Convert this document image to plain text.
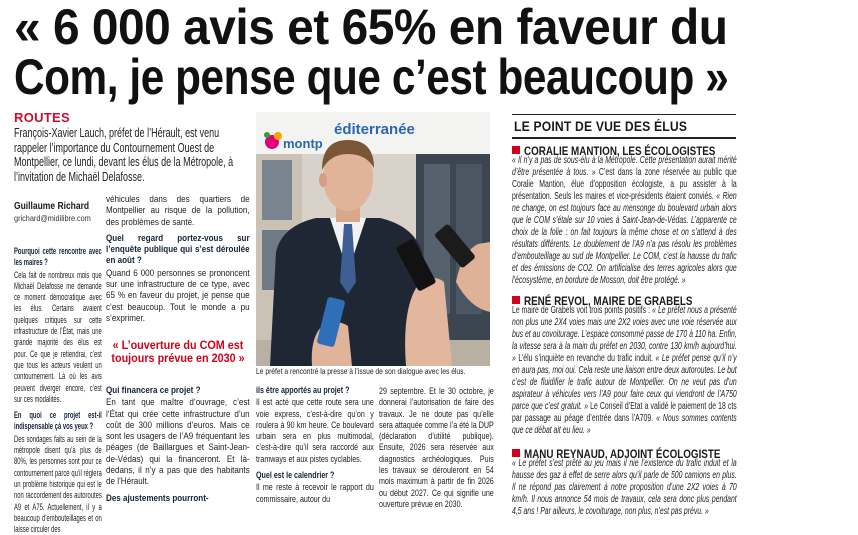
« 6 000 avis et 65% en faveur du
Com, je pense que c’est beaucoup »
ROUTES

François-Xavier Lauch, préfet de l’Hérault, est venu rappeler l’importance du Contournement Ouest de Montpellier, ce lundi, devant les élus de la Métropole, à l’invitation de Michaël Delafosse.

Guillaume Richard
grichard@midilibre.com

Pourquoi cette rencontre avec les maires ?

Cela fait de nombreux mois que Michaël Delafosse me demande ce moment démocratique avec les élus. Certains avaient quelques critiques sur cette infrastructure de l’État, mais une grande majorité des élus est pour. Ce que je retiendrai, c’est que tous les acteurs veulent un contournement. Là où les avis peuvent diverger encore, c’est sur ces modalités.

En quoi ce projet est-il indispensable çà vos yeux ?

Des sondages faits au sein de la métropole disent qu’à plus de 80%, les personnes sont pour ce contournement parce qu’il réglera un problème historique qui est le non raccordement des autoroutes A9 et A75. Actuellement, il y a beaucoup d’embouteillages et on laisse circuler des

véhicules dans des quartiers de Montpellier au risque de la pollution, des problèmes de santé.

Quel regard portez-vous sur l’enquête publique qui s’est déroulée en août ?

Quand 6 000 personnes se prononcent sur une infrastructure de ce type, avec 65 % en faveur du projet, je pense que c’est beaucoup. Tout le monde a pu s’exprimer.

« L’ouverture du COM est toujours prévue en 2030 »

Qui financera ce projet ?

En tant que maître d’ouvrage, c’est l’État qui crée cette infrastructure d’un coût de 300 millions d’euros. Mais ce sont les usagers de l’A9 fréquentant les péages (de Baillargues et Saint-Jean-de-Védas) qui la financeront. Et là-dedans, il n’y a pas que des habitants de l’Hérault.

Des ajustements pourront-

ils être apportés au projet ?

Il est acté que cette route sera une voie express, c’est-à-dire qu’on y roulera à 90 km heure. Ce boulevard urbain sera en plus multimodal, c’est-à-dire qu’il sera raccordé aux tramways et aux pistes cyclables.

Quel est le calendrier ?

Il me reste à recevoir le rapport du commissaire, autour du

29 septembre. Et le 30 octobre, je donnerai l’autorisation de faire des travaux. Je ne doute pas qu’elle sera attaquée comme l’a été la DUP (déclaration d’utilité publique). Ensuite, 2026 sera réservée aux diagnostics archéologiques. Puis les travaux se dérouleront en 54 mois maximum à partir de fin 2026 ou début 2027. Ce qui signifie une ouverture prévue en 2030.

montp
éditerranée
Le préfet a rencontré la presse à l’issue de son dialogue avec les élus.
LE POINT DE VUE DES ÉLUS
CORALIE MANTION, LES ÉCOLOGISTES

« Il n’y a pas de sous-élu à la Métropole. Cette présentation aurait mérité d’être présentée à tous. » C’est dans la zone réservée au public que Coralie Mantion, élue d’opposition écologiste, a pu assister à la présentation. Seuls les maires et vice-présidents étaient conviés. « Rien ne change, on est toujours face au mensonge du boulevard urbain alors que le COM s’étale sur 10 voies à Saint-Jean-de-Védas. L’apparente ce choix de la folie : on fait toujours la même chose et on s’attend à des résultats différents. Le doublement de l’A9 n’a pas résolu les problèmes d’embouteillage au sud de Montpellier. Le COM, c’est la hausse du trafic et des émissions de CO2. On artificialise des terres agricoles alors que l’écosystème, en bordure de Mosson, doit être protégé. »

RENÉ REVOL, MAIRE DE GRABELS

Le maire de Grabels voit trois points positifs : « Le préfet nous a présenté non plus une 2X4 voies mais une 2X2 voies avec une voie réservée aux bus et au covoiturage. L’espace consommé passe de 170 à 110 ha. Enfin, la vitesse sera à la main du préfet en 2030, contre 130 km/h aujourd’hui. » L’élu s’inquiète en revanche du trafic induit. « Le préfet pense qu’il n’y en aura pas, moi oui. Cela reste une liaison entre deux autoroutes. Le but c’est de fluidifier le trafic autour de Montpellier. On ne veut pas d’un aspirateur à véhicules vers l’A9 pour faire ceux qui viendront de l’A750 parce que c’est gratuit. » Le Conseil d’Etat a validé le paiement de 18 cts par passage au péage d’entrée dans l’A709. « Nous sommes contents que ce débat ait eu lieu. »

MANU REYNAUD, ADJOINT ÉCOLOGISTE

« Le préfet s’est prêté au jeu mais il nie l’existence du trafic induit et la hausse des gaz à effet de serre alors qu’il parle de 500 camions en plus. Il ne répond pas clairement à notre proposition d’une 2X2 voies à 70 km/h. Il nous annonce 54 mois de travaux, cela sera donc plus pendant 4,5 ans ! Par ailleurs, le covoiturage, non plus, n’est pas prévu. »
